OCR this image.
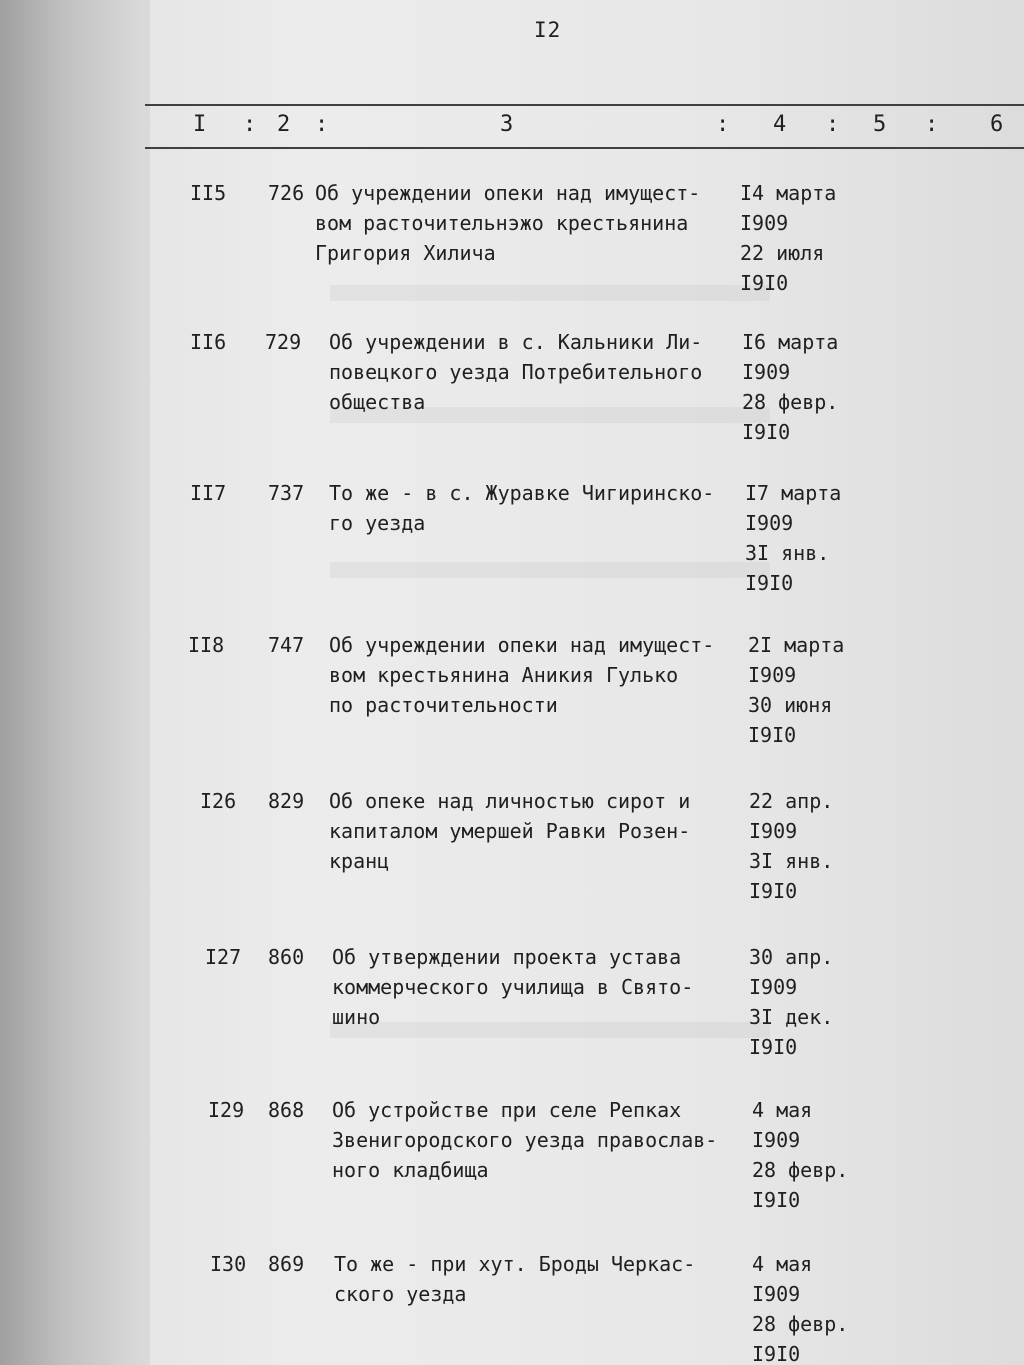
I2
I : 2 :	3	: 4 : 5 : 6
II5 726 Об учреждении опеки над имущест-
вом расточительнэжо крестьянина
Григория Хилича
I4 марта
I909
22 июля
I9I0
II6 729 Об учреждении в с. Кальники Ли-
повецкого уезда Потребительного
общества
I6 марта
I909
28 февр.
I9I0
II7 737 То же - в с. Журавке Чигиринско-
го уезда
I7 марта
I909
3I янв.
I9I0
II8 747 Об учреждении опеки над имущест-
вом крестьянина Аникия Гулько
по расточительности
2I марта
I909
30 июня
I9I0
I26 829 Об опеке над личностью сирот и
капиталом умершей Равки Розен-
кранц
22 апр.
I909
3I янв.
I9I0
I27 860 Об утверждении проекта устава
коммерческого училища в Свято-
шино
30 апр.
I909
3I дек.
I9I0
I29 868 Об устройстве при селе Репках
Звенигородского уезда православ-
ного кладбища
4 мая
I909
28 февр.
I9I0
I30 869 То же - при хут. Броды Черкас-
ского уезда
4 мая
I909
28 февр.
I9I0
